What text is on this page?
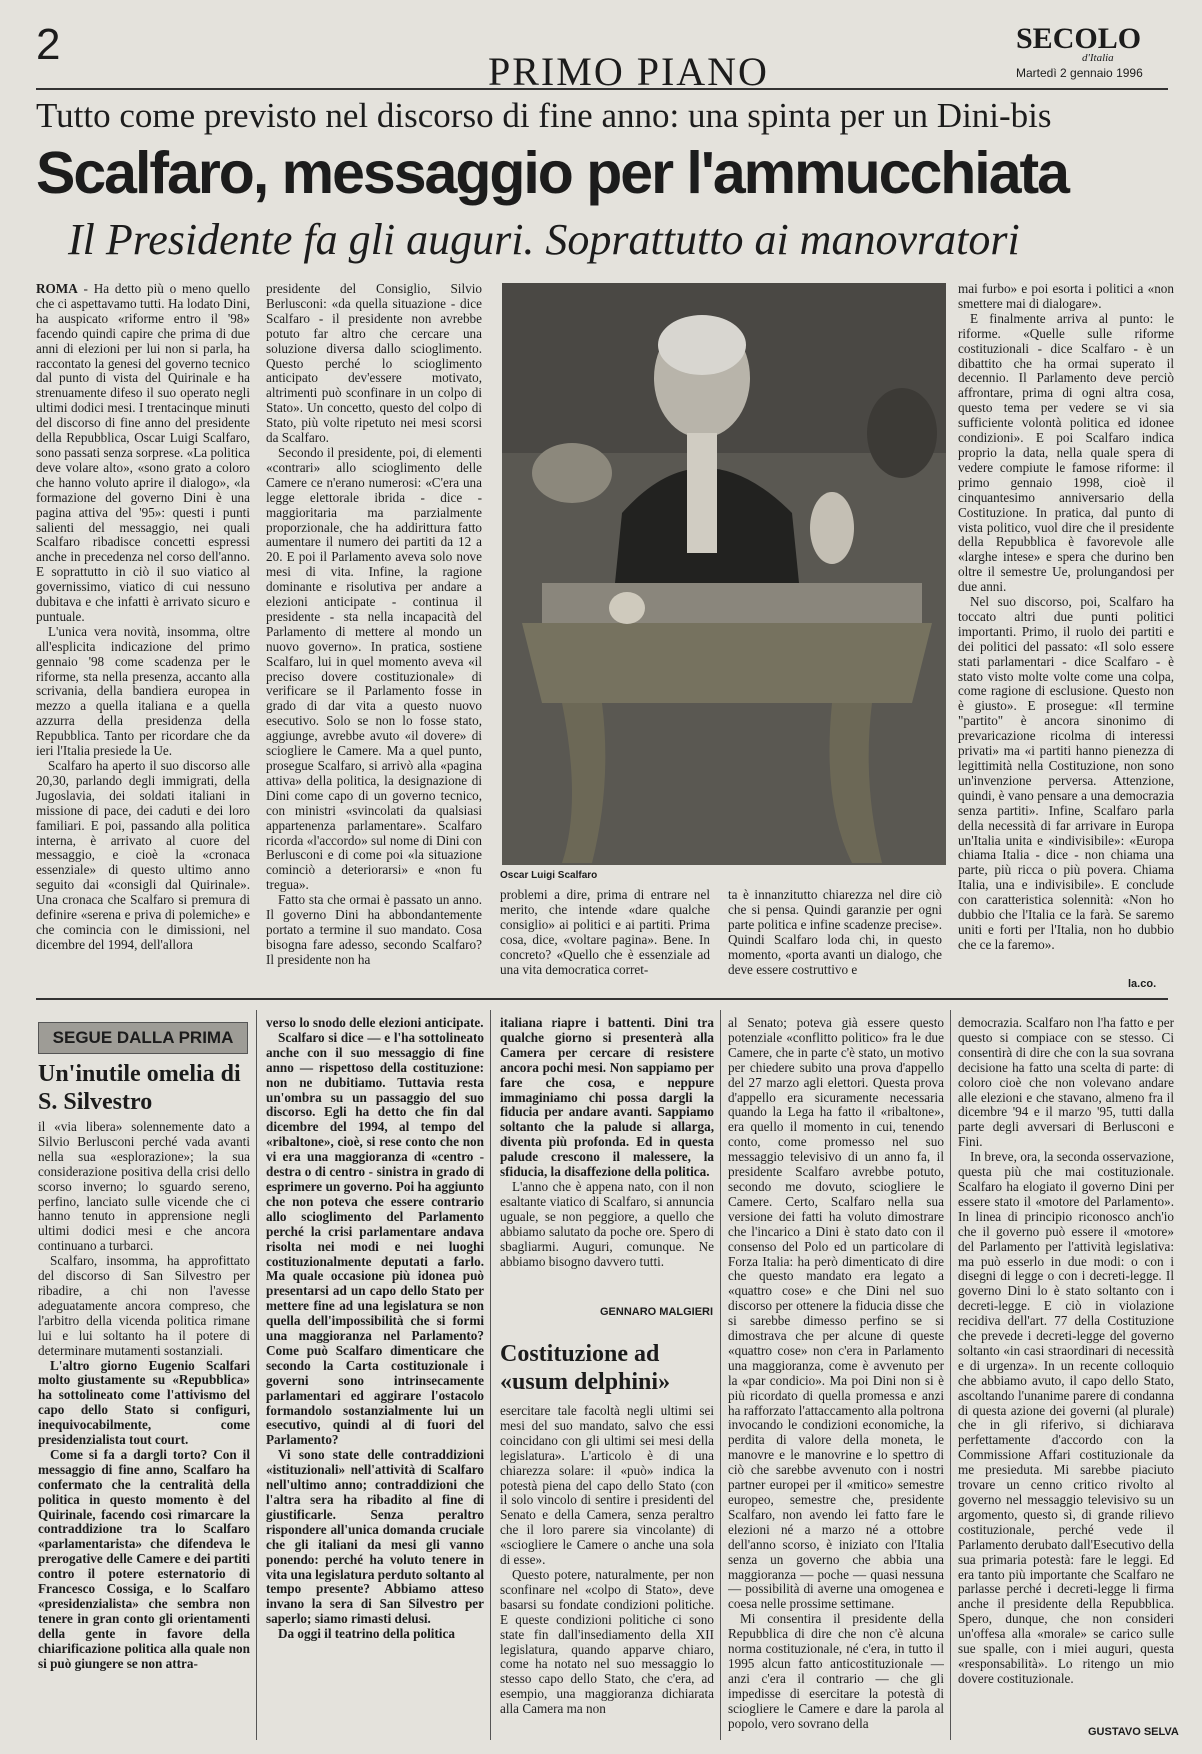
2
PRIMO PIANO
SECOLO
d'Italia
Martedì 2 gennaio 1996
Tutto come previsto nel discorso di fine anno: una spinta per un Dini-bis
Scalfaro, messaggio per l'ammucchiata
Il Presidente fa gli auguri. Soprattutto ai manovratori

ROMA - Ha detto più o meno quello che ci aspettavamo tutti. Ha lodato Dini, ha auspicato «riforme entro il '98» facendo quindi capire che prima di due anni di elezioni per lui non si parla, ha raccontato la genesi del governo tecnico dal punto di vista del Quirinale e ha strenuamente difeso il suo operato negli ultimi dodici mesi. I trentacinque minuti del discorso di fine anno del presidente della Repubblica, Oscar Luigi Scalfaro, sono passati senza sorprese. «La politica deve volare alto», «sono grato a coloro che hanno voluto aprire il dialogo», «la formazione del governo Dini è una pagina attiva del '95»: questi i punti salienti del messaggio, nei quali Scalfaro ribadisce concetti espressi anche in precedenza nel corso dell'anno. E soprattutto in ciò il suo viatico al governissimo, viatico di cui nessuno dubitava e che infatti è arrivato sicuro e puntuale.

L'unica vera novità, insomma, oltre all'esplicita indicazione del primo gennaio '98 come scadenza per le riforme, sta nella presenza, accanto alla scrivania, della bandiera europea in mezzo a quella italiana e a quella azzurra della presidenza della Repubblica. Tanto per ricordare che da ieri l'Italia presiede la Ue.

Scalfaro ha aperto il suo discorso alle 20,30, parlando degli immigrati, della Jugoslavia, dei soldati italiani in missione di pace, dei caduti e dei loro familiari. E poi, passando alla politica interna, è arrivato al cuore del messaggio, e cioè la «cronaca essenziale» di questo ultimo anno seguito dai «consigli dal Quirinale». Una cronaca che Scalfaro si premura di definire «serena e priva di polemiche» e che comincia con le dimissioni, nel dicembre del 1994, dell'allora

presidente del Consiglio, Silvio Berlusconi: «da quella situazione - dice Scalfaro - il presidente non avrebbe potuto far altro che cercare una soluzione diversa dallo scioglimento. Questo perché lo scioglimento anticipato dev'essere motivato, altrimenti può sconfinare in un colpo di Stato». Un concetto, questo del colpo di Stato, più volte ripetuto nei mesi scorsi da Scalfaro.

Secondo il presidente, poi, di elementi «contrari» allo scioglimento delle Camere ce n'erano numerosi: «C'era una legge elettorale ibrida - dice - maggioritaria ma parzialmente proporzionale, che ha addirittura fatto aumentare il numero dei partiti da 12 a 20. E poi il Parlamento aveva solo nove mesi di vita. Infine, la ragione dominante e risolutiva per andare a elezioni anticipate - continua il presidente - sta nella incapacità del Parlamento di mettere al mondo un nuovo governo». In pratica, sostiene Scalfaro, lui in quel momento aveva «il preciso dovere costituzionale» di verificare se il Parlamento fosse in grado di dar vita a questo nuovo esecutivo. Solo se non lo fosse stato, aggiunge, avrebbe avuto «il dovere» di sciogliere le Camere. Ma a quel punto, prosegue Scalfaro, si arrivò alla «pagina attiva» della politica, la designazione di Dini come capo di un governo tecnico, con ministri «svincolati da qualsiasi appartenenza parlamentare». Scalfaro ricorda «l'accordo» sul nome di Dini con Berlusconi e di come poi «la situazione cominciò a deteriorarsi» e «non fu tregua».

Fatto sta che ormai è passato un anno. Il governo Dini ha abbondantemente portato a termine il suo mandato. Cosa bisogna fare adesso, secondo Scalfaro? Il presidente non ha

Oscar Luigi Scalfaro

problemi a dire, prima di entrare nel merito, che intende «dare qualche consiglio» ai politici e ai partiti. Prima cosa, dice, «voltare pagina». Bene. In concreto? «Quello che è essenziale ad una vita democratica corret-

ta è innanzitutto chiarezza nel dire ciò che si pensa. Quindi garanzie per ogni parte politica e infine scadenze precise». Quindi Scalfaro loda chi, in questo momento, «porta avanti un dialogo, che deve essere costruttivo e

mai furbo» e poi esorta i politici a «non smettere mai di dialogare».

E finalmente arriva al punto: le riforme. «Quelle sulle riforme costituzionali - dice Scalfaro - è un dibattito che ha ormai superato il decennio. Il Parlamento deve perciò affrontare, prima di ogni altra cosa, questo tema per vedere se vi sia sufficiente volontà politica ed idonee condizioni». E poi Scalfaro indica proprio la data, nella quale spera di vedere compiute le famose riforme: il primo gennaio 1998, cioè il cinquantesimo anniversario della Costituzione. In pratica, dal punto di vista politico, vuol dire che il presidente della Repubblica è favorevole alle «larghe intese» e spera che durino ben oltre il semestre Ue, prolungandosi per due anni.

Nel suo discorso, poi, Scalfaro ha toccato altri due punti politici importanti. Primo, il ruolo dei partiti e dei politici del passato: «Il solo essere stati parlamentari - dice Scalfaro - è stato visto molte volte come una colpa, come ragione di esclusione. Questo non è giusto». E prosegue: «Il termine "partito" è ancora sinonimo di prevaricazione ricolma di interessi privati» ma «i partiti hanno pienezza di legittimità nella Costituzione, non sono un'invenzione perversa. Attenzione, quindi, è vano pensare a una democrazia senza partiti». Infine, Scalfaro parla della necessità di far arrivare in Europa un'Italia unita e «indivisibile»: «Europa chiama Italia - dice - non chiama una parte, più ricca o più povera. Chiama Italia, una e indivisibile». E conclude con caratteristica solennità: «Non ho dubbio che l'Italia ce la farà. Se saremo uniti e forti per l'Italia, non ho dubbio che ce la faremo».

la.co.
SEGUE DALLA PRIMA
Un'inutile omelia di S. Silvestro

il «via libera» solennemente dato a Silvio Berlusconi perché vada avanti nella sua «esplorazione»; la sua considerazione positiva della crisi dello scorso inverno; lo sguardo sereno, perfino, lanciato sulle vicende che ci hanno tenuto in apprensione negli ultimi dodici mesi e che ancora continuano a turbarci.

Scalfaro, insomma, ha approfittato del discorso di San Silvestro per ribadire, a chi non l'avesse adeguatamente ancora compreso, che l'arbitro della vicenda politica rimane lui e lui soltanto ha il potere di determinare mutamenti sostanziali.

L'altro giorno Eugenio Scalfari molto giustamente su «Repubblica» ha sottolineato come l'attivismo del capo dello Stato si configuri, inequivocabilmente, come presidenzialista tout court.

Come si fa a dargli torto? Con il messaggio di fine anno, Scalfaro ha confermato che la centralità della politica in questo momento è del Quirinale, facendo così rimarcare la contraddizione tra lo Scalfaro «parlamentarista» che difendeva le prerogative delle Camere e dei partiti contro il potere esternatorio di Francesco Cossiga, e lo Scalfaro «presidenzialista» che sembra non tenere in gran conto gli orientamenti della gente in favore della chiarificazione politica alla quale non si può giungere se non attra-

verso lo snodo delle elezioni anticipate.

Scalfaro si dice — e l'ha sottolineato anche con il suo messaggio di fine anno — rispettoso della costituzione: non ne dubitiamo. Tuttavia resta un'ombra su un passaggio del suo discorso. Egli ha detto che fin dal dicembre del 1994, al tempo del «ribaltone», cioè, si rese conto che non vi era una maggioranza di «centro - destra o di centro - sinistra in grado di esprimere un governo. Poi ha aggiunto che non poteva che essere contrario allo scioglimento del Parlamento perché la crisi parlamentare andava risolta nei modi e nei luoghi costituzionalmente deputati a farlo. Ma quale occasione più idonea può presentarsi ad un capo dello Stato per mettere fine ad una legislatura se non quella dell'impossibilità che si formi una maggioranza nel Parlamento? Come può Scalfaro dimenticare che secondo la Carta costituzionale i governi sono intrinsecamente parlamentari ed aggirare l'ostacolo formandolo sostanzialmente lui un esecutivo, quindi al di fuori del Parlamento?

Vi sono state delle contraddizioni «istituzionali» nell'attività di Scalfaro nell'ultimo anno; contraddizioni che l'altra sera ha ribadito al fine di giustificarle. Senza peraltro rispondere all'unica domanda cruciale che gli italiani da mesi gli vanno ponendo: perché ha voluto tenere in vita una legislatura perduto soltanto al tempo presente? Abbiamo atteso invano la sera di San Silvestro per saperlo; siamo rimasti delusi.

Da oggi il teatrino della politica

italiana riapre i battenti. Dini tra qualche giorno si presenterà alla Camera per cercare di resistere ancora pochi mesi. Non sappiamo per fare che cosa, e neppure immaginiamo chi possa dargli la fiducia per andare avanti. Sappiamo soltanto che la palude si allarga, diventa più profonda. Ed in questa palude crescono il malessere, la sfiducia, la disaffezione della politica.

L'anno che è appena nato, con il non esaltante viatico di Scalfaro, si annuncia uguale, se non peggiore, a quello che abbiamo salutato da poche ore. Spero di sbagliarmi. Auguri, comunque. Ne abbiamo bisogno davvero tutti.

GENNARO MALGIERI
Costituzione ad «usum delphini»

esercitare tale facoltà negli ultimi sei mesi del suo mandato, salvo che essi coincidano con gli ultimi sei mesi della legislatura». L'articolo è di una chiarezza solare: il «può» indica la potestà piena del capo dello Stato (con il solo vincolo di sentire i presidenti del Senato e della Camera, senza peraltro che il loro parere sia vincolante) di «sciogliere le Camere o anche una sola di esse».

Questo potere, naturalmente, per non sconfinare nel «colpo di Stato», deve basarsi su fondate condizioni politiche. E queste condizioni politiche ci sono state fin dall'insediamento della XII legislatura, quando apparve chiaro, come ha notato nel suo messaggio lo stesso capo dello Stato, che c'era, ad esempio, una maggioranza dichiarata alla Camera ma non

al Senato; poteva già essere questo potenziale «conflitto politico» fra le due Camere, che in parte c'è stato, un motivo per chiedere subito una prova d'appello del 27 marzo agli elettori. Questa prova d'appello era sicuramente necessaria quando la Lega ha fatto il «ribaltone», era quello il momento in cui, tenendo conto, come promesso nel suo messaggio televisivo di un anno fa, il presidente Scalfaro avrebbe potuto, secondo me dovuto, sciogliere le Camere. Certo, Scalfaro nella sua versione dei fatti ha voluto dimostrare che l'incarico a Dini è stato dato con il consenso del Polo ed un particolare di Forza Italia: ha però dimenticato di dire che questo mandato era legato a «quattro cose» e che Dini nel suo discorso per ottenere la fiducia disse che si sarebbe dimesso perfino se si dimostrava che per alcune di queste «quattro cose» non c'era in Parlamento una maggioranza, come è avvenuto per la «par condicio». Ma poi Dini non si è più ricordato di quella promessa e anzi ha rafforzato l'attaccamento alla poltrona invocando le condizioni economiche, la perdita di valore della moneta, le manovre e le manovrine e lo spettro di ciò che sarebbe avvenuto con i nostri partner europei per il «mitico» semestre europeo, semestre che, presidente Scalfaro, non avendo lei fatto fare le elezioni né a marzo né a ottobre dell'anno scorso, è iniziato con l'Italia senza un governo che abbia una maggioranza — poche — quasi nessuna — possibilità di averne una omogenea e coesa nelle prossime settimane.

Mi consentira il presidente della Repubblica di dire che non c'è alcuna norma costituzionale, né c'era, in tutto il 1995 alcun fatto anticostituzionale — anzi c'era il contrario — che gli impedisse di esercitare la potestà di sciogliere le Camere e dare la parola al popolo, vero sovrano della

democrazia. Scalfaro non l'ha fatto e per questo si compiace con se stesso. Ci consentirà di dire che con la sua sovrana decisione ha fatto una scelta di parte: di coloro cioè che non volevano andare alle elezioni e che stavano, almeno fra il dicembre '94 e il marzo '95, tutti dalla parte degli avversari di Berlusconi e Fini.

In breve, ora, la seconda osservazione, questa più che mai costituzionale. Scalfaro ha elogiato il governo Dini per essere stato il «motore del Parlamento». In linea di principio riconosco anch'io che il governo può essere il «motore» del Parlamento per l'attività legislativa: ma può esserlo in due modi: o con i disegni di legge o con i decreti-legge. Il governo Dini lo è stato soltanto con i decreti-legge. E ciò in violazione recidiva dell'art. 77 della Costituzione che prevede i decreti-legge del governo soltanto «in casi straordinari di necessità e di urgenza». In un recente colloquio che abbiamo avuto, il capo dello Stato, ascoltando l'unanime parere di condanna di questa azione dei governi (al plurale) che in gli riferivo, si dichiarava perfettamente d'accordo con la Commissione Affari costituzionale da me presieduta. Mi sarebbe piaciuto trovare un cenno critico rivolto al governo nel messaggio televisivo su un argomento, questo sì, di grande rilievo costituzionale, perché vede il Parlamento derubato dall'Esecutivo della sua primaria potestà: fare le leggi. Ed era tanto più importante che Scalfaro ne parlasse perché i decreti-legge li firma anche il presidente della Repubblica. Spero, dunque, che non consideri un'offesa alla «morale» se carico sulle sue spalle, con i miei auguri, questa «responsabilità». Lo ritengo un mio dovere costituzionale.

GUSTAVO SELVA
